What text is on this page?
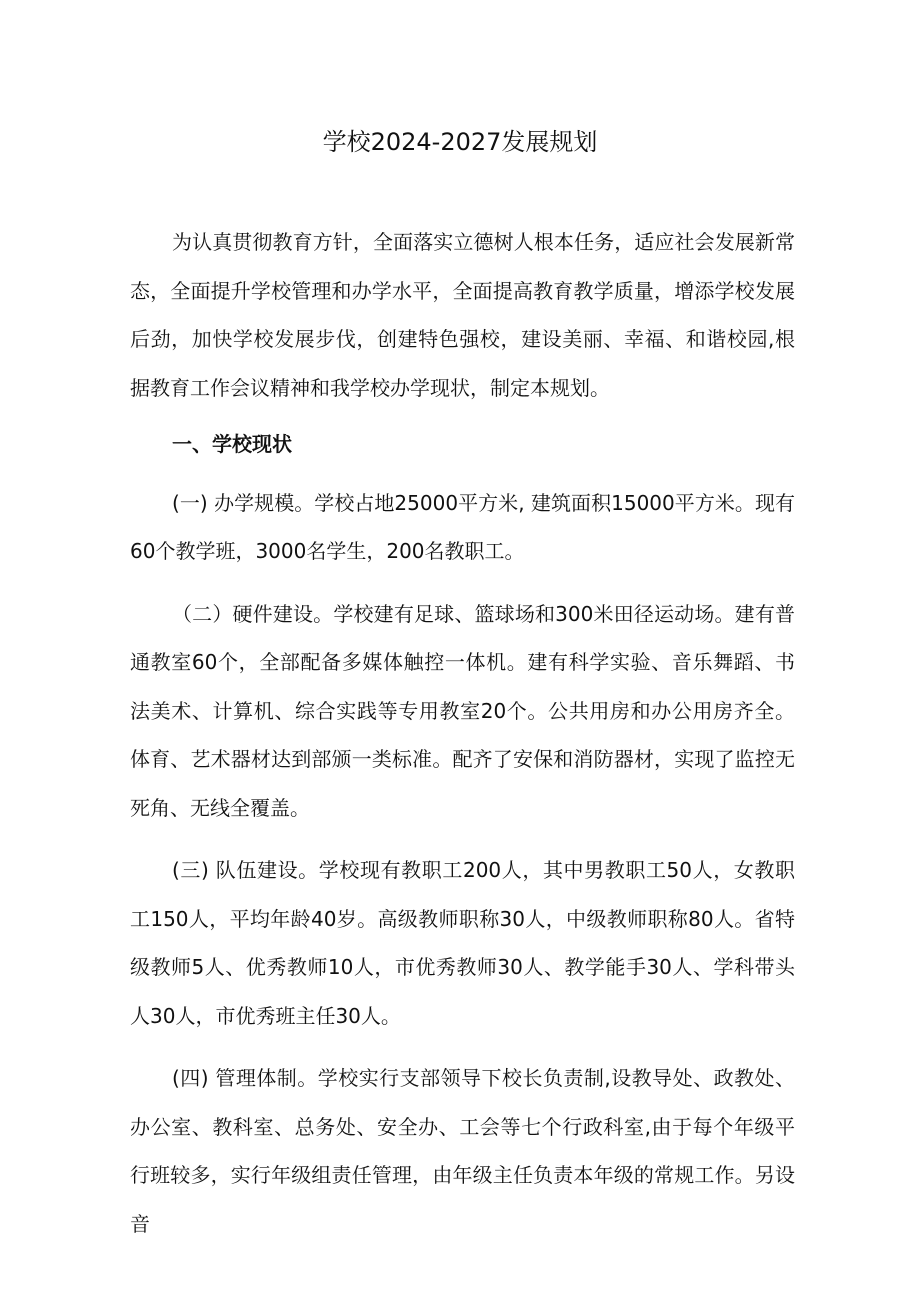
学校2024-2027发展规划

为认真贯彻教育方针，全面落实立德树人根本任务，适应社会发展新常态，全面提升学校管理和办学水平，全面提高教育教学质量，增添学校发展后劲，加快学校发展步伐，创建特色强校，建设美丽、幸福、和谐校园,根据教育工作会议精神和我学校办学现状，制定本规划。

一、学校现状

(一) 办学规模。学校占地25000平方米, 建筑面积15000平方米。现有60个教学班，3000名学生，200名教职工。

（二）硬件建设。学校建有足球、篮球场和300米田径运动场。建有普通教室60个，全部配备多媒体触控一体机。建有科学实验、音乐舞蹈、书法美术、计算机、综合实践等专用教室20个。公共用房和办公用房齐全。体育、艺术器材达到部颁一类标准。配齐了安保和消防器材，实现了监控无死角、无线全覆盖。

(三) 队伍建设。学校现有教职工200人，其中男教职工50人，女教职工150人，平均年龄40岁。高级教师职称30人，中级教师职称80人。省特级教师5人、优秀教师10人，市优秀教师30人、教学能手30人、学科带头人30人，市优秀班主任30人。

(四) 管理体制。学校实行支部领导下校长负责制,设教导处、政教处、办公室、教科室、总务处、安全办、工会等七个行政科室,由于每个年级平行班较多，实行年级组责任管理，由年级主任负责本年级的常规工作。另设音
